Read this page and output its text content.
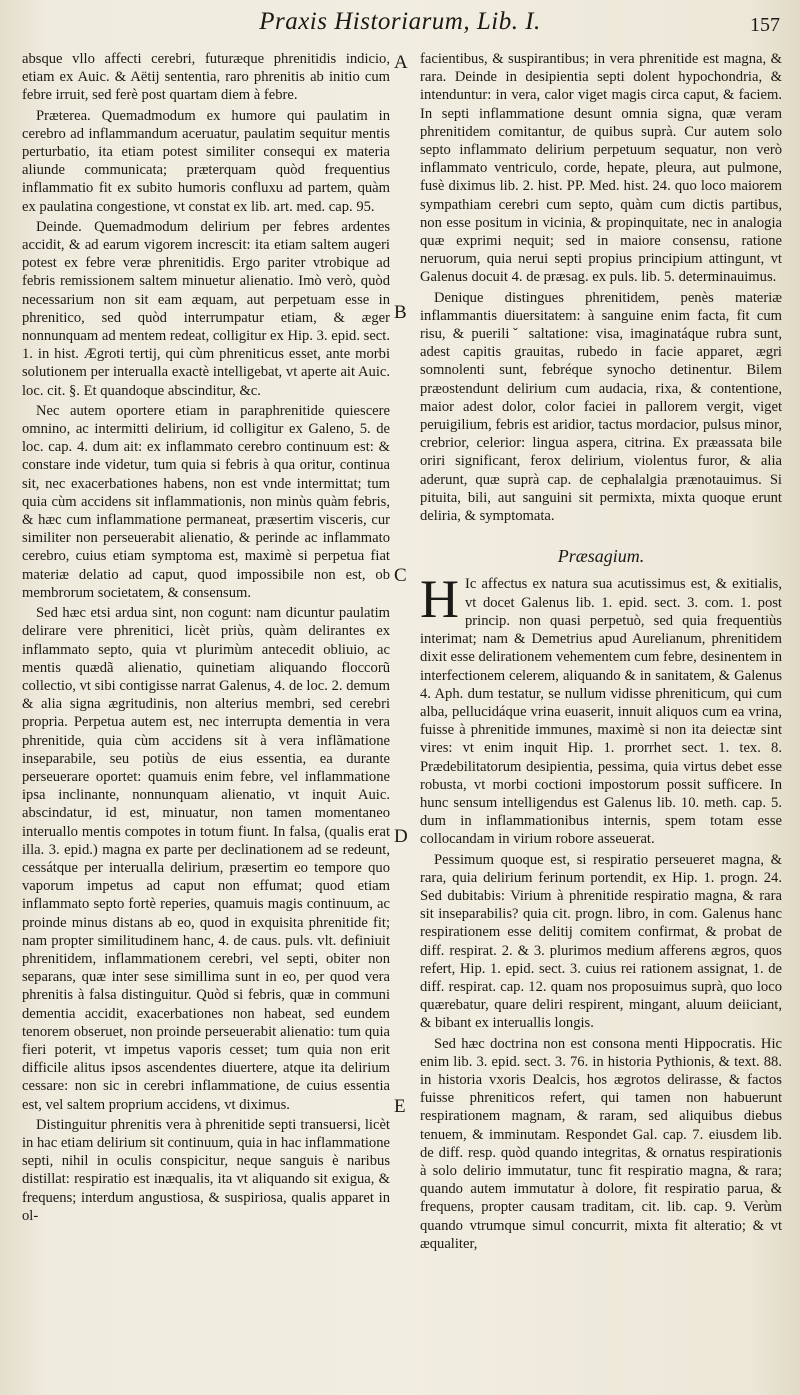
Praxis Historiarum, Lib. I.	157
A
B
C
D
E

absque vllo affecti cerebri, futuræque phrenitidis indicio, etiam ex Auic. & Aëtij sententia, raro phrenitis ab initio cum febre irruit, sed ferè post quartam diem à febre.

Præterea. Quemadmodum ex humore qui paulatim in cerebro ad inflammandum aceruatur, paulatim sequitur mentis perturbatio, ita etiam potest similiter consequi ex materia aliunde communicata; præterquam quòd frequentius inflammatio fit ex subito humoris confluxu ad partem, quàm ex paulatina congestione, vt constat ex lib. art. med. cap. 95.

Deinde. Quemadmodum delirium per febres ardentes accidit, & ad earum vigorem increscit: ita etiam saltem augeri potest ex febre veræ phrenitidis. Ergo pariter vtrobique ad febris remissionem saltem minuetur alienatio. Imò verò, quòd necessarium non sit eam æquam, aut perpetuam esse in phrenitico, sed quòd interrumpatur etiam, & æger nonnunquam ad mentem redeat, colligitur ex Hip. 3. epid. sect. 1. in hist. Ægroti tertij, qui cùm phreniticus esset, ante morbi solutionem per interualla exactè intelligebat, vt aperte ait Auic. loc. cit. §. Et quandoque abscinditur, &c.

Nec autem oportere etiam in paraphrenitide quiescere omnino, ac intermitti delirium, id colligitur ex Galeno, 5. de loc. cap. 4. dum ait: ex inflammato cerebro continuum est: & constare inde videtur, tum quia si febris à qua oritur, continua sit, nec exacerbationes habens, non est vnde intermittat; tum quia cùm accidens sit inflammationis, non minùs quàm febris, & hæc cum inflammatione permaneat, præsertim visceris, cur similiter non perseuerabit alienatio, & perinde ac inflammato cerebro, cuius etiam symptoma est, maximè si perpetua fiat materiæ delatio ad caput, quod impossibile non est, ob membrorum societatem, & consensum.

Sed hæc etsi ardua sint, non cogunt: nam dicuntur paulatim delirare vere phrenitici, licèt priùs, quàm delirantes ex inflammato septo, quia vt plurimùm antecedit obliuio, ac mentis quædã alienatio, quinetiam aliquando floccorũ collectio, vt sibi contigisse narrat Galenus, 4. de loc. 2. demum & alia signa ægritudinis, non alterius membri, sed cerebri propria. Perpetua autem est, nec interrupta dementia in vera phrenitide, quia cùm accidens sit à vera inflãmatione inseparabile, seu potiùs de eius essentia, ea durante perseuerare oportet: quamuis enim febre, vel inflammatione ipsa inclinante, nonnunquam alienatio, vt inquit Auic. abscindatur, id est, minuatur, non tamen momentaneo interuallo mentis compotes in totum fiunt. In falsa, (qualis erat illa. 3. epid.) magna ex parte per declinationem ad se redeunt, cessátque per interualla delirium, præsertim eo tempore quo vaporum impetus ad caput non effumat; quod etiam inflammato septo fortè reperies, quamuis magis continuum, ac proinde minus distans ab eo, quod in exquisita phrenitide fit; nam propter similitudinem hanc, 4. de caus. puls. vlt. definiuit phrenitidem, inflammationem cerebri, vel septi, obiter non separans, quæ inter sese simillima sunt in eo, per quod vera phrenitis à falsa distinguitur. Quòd si febris, quæ in communi dementia accidit, exacerbationes non habeat, sed eundem tenorem obseruet, non proinde perseuerabit alienatio: tum quia fieri poterit, vt impetus vaporis cesset; tum quia non erit difficile alitus ipsos ascendentes diuertere, atque ita delirium cessare: non sic in cerebri inflammatione, de cuius essentia est, vel saltem proprium accidens, vt diximus.

Distinguitur phrenitis vera à phrenitide septi transuersi, licèt in hac etiam delirium sit continuum, quia in hac inflammatione septi, nihil in oculis conspicitur, neque sanguis è naribus distillat: respiratio est inæqualis, ita vt aliquando sit exigua, & frequens; interdum angustiosa, & suspiriosa, qualis apparet in ol-

facientibus, & suspirantibus; in vera phrenitide est magna, & rara. Deinde in desipientia septi dolent hypochondria, & intenduntur: in vera, calor viget magis circa caput, & faciem. In septi inflammatione desunt omnia signa, quæ veram phrenitidem comitantur, de quibus suprà. Cur autem solo septo inflammato delirium perpetuum sequatur, non verò inflammato ventriculo, corde, hepate, pleura, aut pulmone, fusè diximus lib. 2. hist. PP. Med. hist. 24. quo loco maiorem sympathiam cerebri cum septo, quàm cum dictis partibus, non esse positum in vicinia, & propinquitate, nec in analogia quæ exprimi nequit; sed in maiore consensu, ratione neruorum, quia nerui septi propius principium attingunt, vt Galenus docuit 4. de præsag. ex puls. lib. 5. determinauimus.

Denique distingues phrenitidem, penès materiæ inflammantis diuersitatem: à sanguine enim facta, fit cum risu, & pueriliˇ saltatione: visa, imaginatáque rubra sunt, adest capitis grauitas, rubedo in facie apparet, ægri somnolenti sunt, febréque synocho detinentur. Bilem præostendunt delirium cum audacia, rixa, & contentione, maior adest dolor, color faciei in pallorem vergit, viget peruigilium, febris est aridior, tactus mordacior, pulsus minor, crebrior, celerior: lingua aspera, citrina. Ex præassata bile oriri significant, ferox delirium, violentus furor, & alia aderunt, quæ suprà cap. de cephalalgia prænotauimus. Si pituita, bili, aut sanguini sit permixta, mixta quoque erunt deliria, & symptomata.

Præsagium.

H Ic affectus ex natura sua acutissimus est, & exitialis, vt docet Galenus lib. 1. epid. sect. 3. com. 1. post princip. non quasi perpetuò, sed quia frequentiùs interimat; nam & Demetrius apud Aurelianum, phrenitidem dixit esse delirationem vehementem cum febre, desinentem in interfectionem celerem, aliquando & in sanitatem, & Galenus 4. Aph. dum testatur, se nullum vidisse phreniticum, qui cum alba, pellucidáque vrina euaserit, innuit aliquos cum ea vrina, fuisse à phrenitide immunes, maximè si non ita deiectæ sint vires: vt enim inquit Hip. 1. prorrhet sect. 1. tex. 8. Prædebilitatorum desipientia, pessima, quia virtus debet esse robusta, vt morbi coctioni impostorum possit sufficere. In hunc sensum intelligendus est Galenus lib. 10. meth. cap. 5. dum in inflammationibus internis, spem totam esse collocandam in virium robore asseuerat.

Pessimum quoque est, si respiratio perseueret magna, & rara, quia delirium ferinum portendit, ex Hip. 1. progn. 24. Sed dubitabis: Virium à phrenitide respiratio magna, & rara sit inseparabilis? quia cit. progn. libro, in com. Galenus hanc respirationem esse delitij comitem confirmat, & probat de diff. respirat. 2. & 3. plurimos medium afferens ægros, quos refert, Hip. 1. epid. sect. 3. cuius rei rationem assignat, 1. de diff. respirat. cap. 12. quam nos proposuimus suprà, quo loco quærebatur, quare deliri respirent, mingant, aluum deiiciant, & bibant ex interuallis longis.

Sed hæc doctrina non est consona menti Hippocratis. Hic enim lib. 3. epid. sect. 3. 76. in historia Pythionis, & text. 88. in historia vxoris Dealcis, hos ægrotos delirasse, & factos fuisse phreniticos refert, qui tamen non habuerunt respirationem magnam, & raram, sed aliquibus diebus tenuem, & imminutam. Respondet Gal. cap. 7. eiusdem lib. de diff. resp. quòd quando integritas, & ornatus respirationis à solo delirio immutatur, tunc fit respiratio magna, & rara; quando autem immutatur à dolore, fit respiratio parua, & frequens, propter causam traditam, cit. lib. cap. 9. Verùm quando vtrumque simul concurrit, mixta fit alteratio; & vt æqualiter,
